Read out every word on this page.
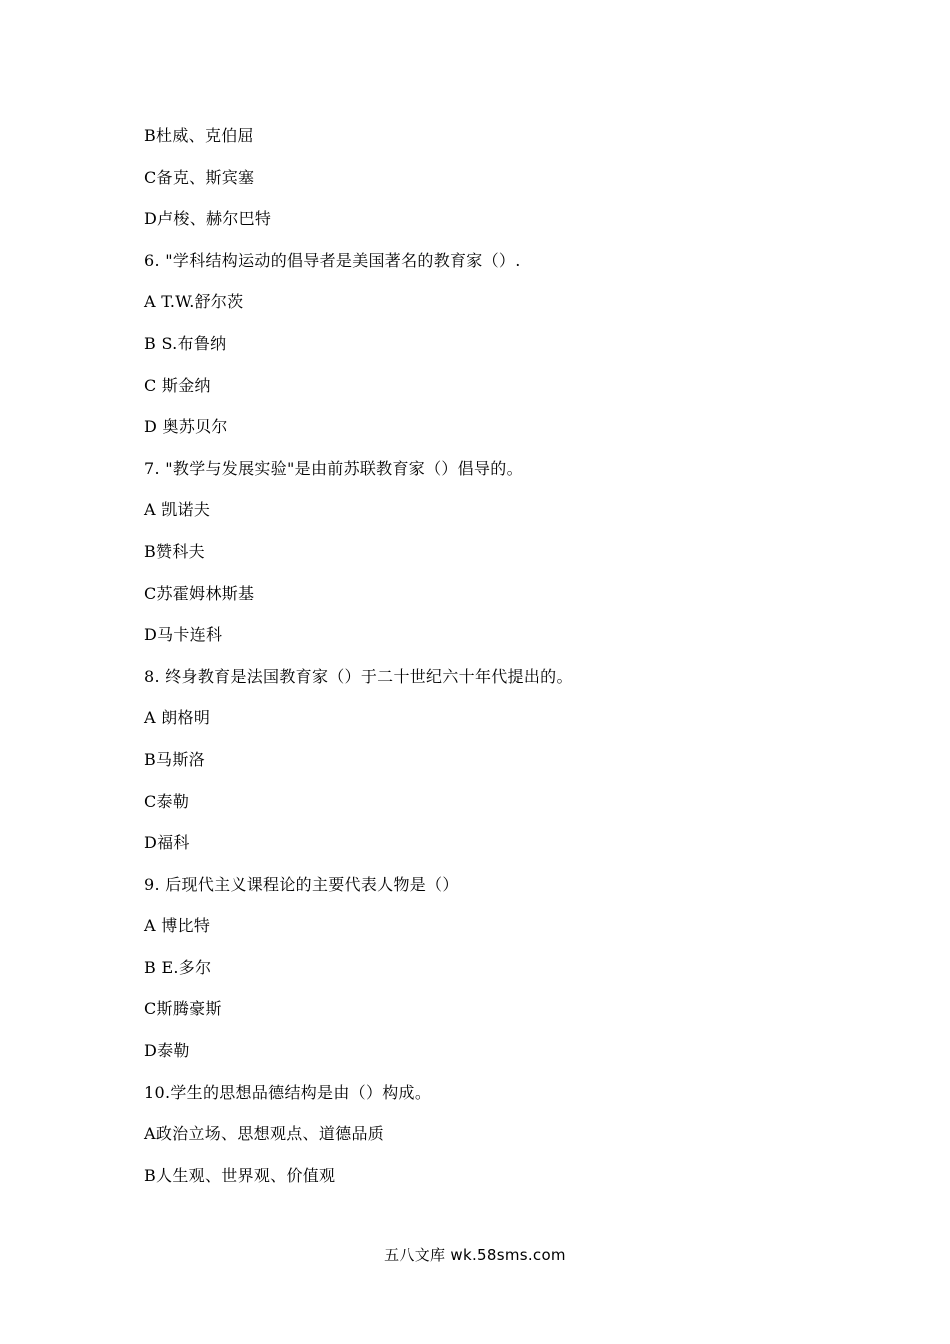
B杜威、克伯屈
C备克、斯宾塞
D卢梭、赫尔巴特
6. "学科结构运动的倡导者是美国著名的教育家（）.
A T.W.舒尔茨
B S.布鲁纳
C 斯金纳
D 奥苏贝尔
7. "教学与发展实验"是由前苏联教育家（）倡导的。
A 凯诺夫
B赞科夫
C苏霍姆林斯基
D马卡连科
8. 终身教育是法国教育家（）于二十世纪六十年代提出的。
A 朗格明
B马斯洛
C泰勒
D福科
9. 后现代主义课程论的主要代表人物是（）
A 博比特
B E.多尔
C斯腾豪斯
D泰勒
10.学生的思想品德结构是由（）构成。
A政治立场、思想观点、道德品质
B人生观、世界观、价值观
五八文库 wk.58sms.com
